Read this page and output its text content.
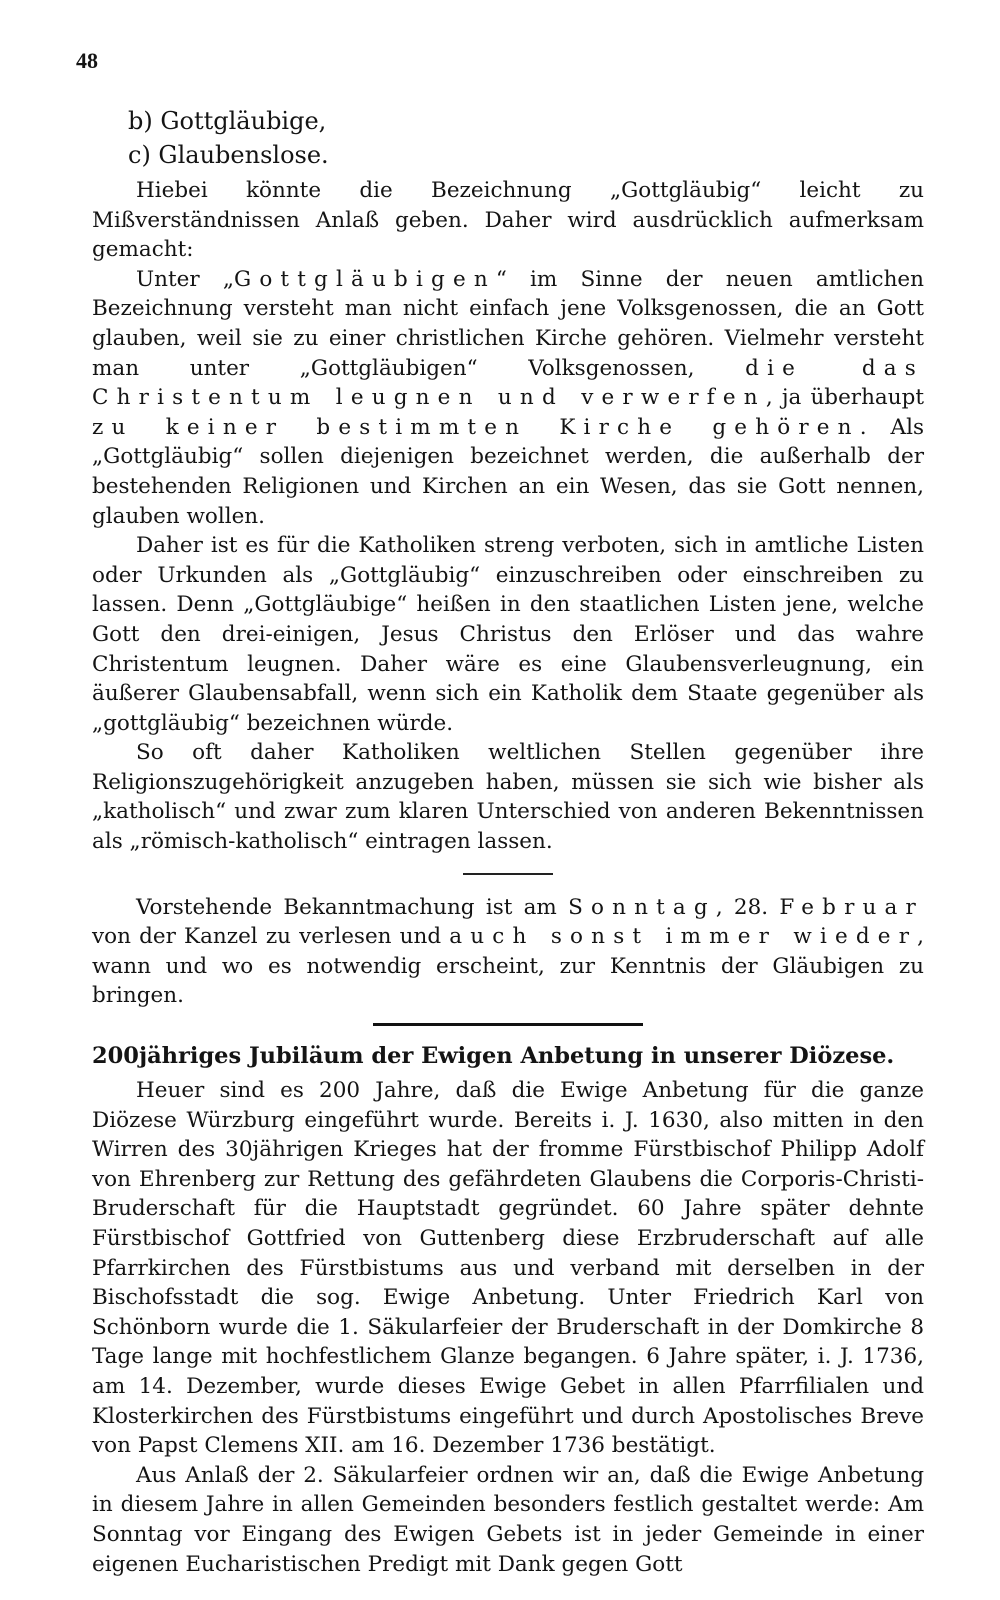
48
b) Gottgläubige,
c) Glaubenslose.

Hiebei könnte die Bezeichnung „Gottgläubig“ leicht zu Mißverständnissen Anlaß geben. Daher wird ausdrücklich aufmerksam gemacht:

Unter „Gottgläubigen“ im Sinne der neuen amtlichen Bezeichnung versteht man nicht einfach jene Volksgenossen, die an Gott glauben, weil sie zu einer christlichen Kirche gehören. Vielmehr versteht man unter „Gottgläubigen“ Volksgenossen, die das Christentum leugnen und verwerfen, ja überhaupt zu keiner bestimmten Kirche gehören. Als „Gottgläubig“ sollen diejenigen bezeichnet werden, die außerhalb der bestehenden Religionen und Kirchen an ein Wesen, das sie Gott nennen, glauben wollen.

Daher ist es für die Katholiken streng verboten, sich in amtliche Listen oder Urkunden als „Gottgläubig“ einzuschreiben oder einschreiben zu lassen. Denn „Gottgläubige“ heißen in den staatlichen Listen jene, welche Gott den drei-einigen, Jesus Christus den Erlöser und das wahre Christentum leugnen. Daher wäre es eine Glaubensverleugnung, ein äußerer Glaubensabfall, wenn sich ein Katholik dem Staate gegenüber als „gottgläubig“ bezeichnen würde.

So oft daher Katholiken weltlichen Stellen gegenüber ihre Religionszugehörigkeit anzugeben haben, müssen sie sich wie bisher als „katholisch“ und zwar zum klaren Unterschied von anderen Bekenntnissen als „römisch-katholisch“ eintragen lassen.

Vorstehende Bekanntmachung ist am Sonntag, 28. Februar von der Kanzel zu verlesen und auch sonst immer wieder, wann und wo es notwendig erscheint, zur Kenntnis der Gläubigen zu bringen.

200jähriges Jubiläum der Ewigen Anbetung in unserer Diözese.

Heuer sind es 200 Jahre, daß die Ewige Anbetung für die ganze Diözese Würzburg eingeführt wurde. Bereits i. J. 1630, also mitten in den Wirren des 30jährigen Krieges hat der fromme Fürstbischof Philipp Adolf von Ehrenberg zur Rettung des gefährdeten Glaubens die Corporis-Christi-Bruderschaft für die Hauptstadt gegründet. 60 Jahre später dehnte Fürstbischof Gottfried von Guttenberg diese Erzbruderschaft auf alle Pfarrkirchen des Fürstbistums aus und verband mit derselben in der Bischofsstadt die sog. Ewige Anbetung. Unter Friedrich Karl von Schönborn wurde die 1. Säkularfeier der Bruderschaft in der Domkirche 8 Tage lange mit hochfestlichem Glanze begangen. 6 Jahre später, i. J. 1736, am 14. Dezember, wurde dieses Ewige Gebet in allen Pfarrfilialen und Klosterkirchen des Fürstbistums eingeführt und durch Apostolisches Breve von Papst Clemens XII. am 16. Dezember 1736 bestätigt.

Aus Anlaß der 2. Säkularfeier ordnen wir an, daß die Ewige Anbetung in diesem Jahre in allen Gemeinden besonders festlich gestaltet werde: Am Sonntag vor Eingang des Ewigen Gebets ist in jeder Gemeinde in einer eigenen Eucharistischen Predigt mit Dank gegen Gott
